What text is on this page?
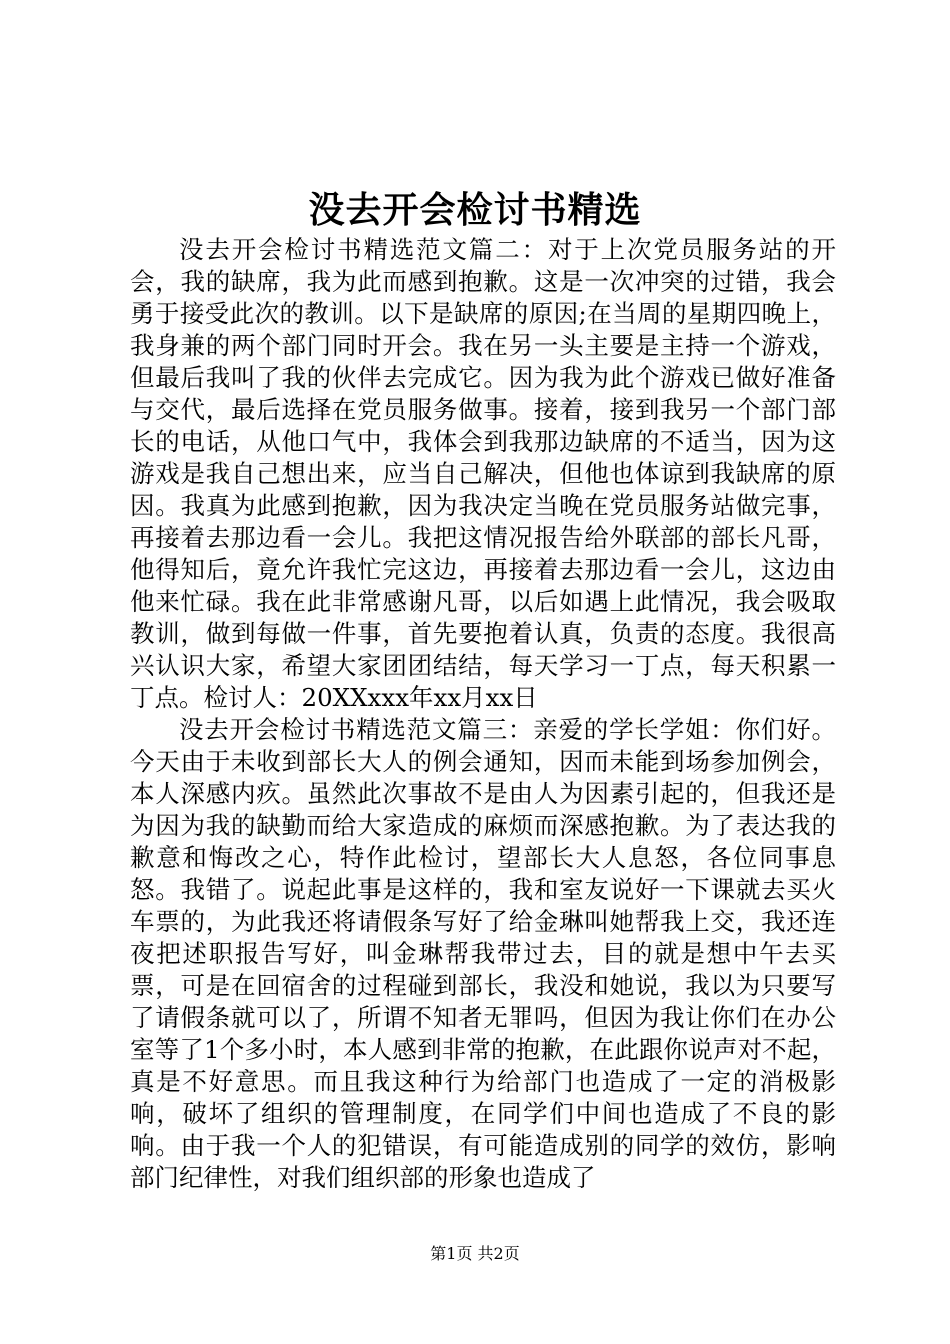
没去开会检讨书精选

没去开会检讨书精选范文篇二：对于上次党员服务站的开会，我的缺席，我为此而感到抱歉。这是一次冲突的过错，我会勇于接受此次的教训。以下是缺席的原因;在当周的星期四晚上，我身兼的两个部门同时开会。我在另一头主要是主持一个游戏，但最后我叫了我的伙伴去完成它。因为我为此个游戏已做好准备与交代，最后选择在党员服务做事。接着，接到我另一个部门部长的电话，从他口气中，我体会到我那边缺席的不适当，因为这游戏是我自己想出来，应当自己解决，但他也体谅到我缺席的原因。我真为此感到抱歉，因为我决定当晚在党员服务站做完事，再接着去那边看一会儿。我把这情况报告给外联部的部长凡哥，他得知后，竟允许我忙完这边，再接着去那边看一会儿，这边由他来忙碌。我在此非常感谢凡哥，以后如遇上此情况，我会吸取教训，做到每做一件事，首先要抱着认真，负责的态度。我很高兴认识大家，希望大家团团结结，每天学习一丁点，每天积累一丁点。检讨人：20XXxxx年xx月xx日

没去开会检讨书精选范文篇三：亲爱的学长学姐：你们好。今天由于未收到部长大人的例会通知，因而未能到场参加例会，本人深感内疚。虽然此次事故不是由人为因素引起的，但我还是为因为我的缺勤而给大家造成的麻烦而深感抱歉。为了表达我的歉意和悔改之心，特作此检讨，望部长大人息怒，各位同事息怒。我错了。说起此事是这样的，我和室友说好一下课就去买火车票的，为此我还将请假条写好了给金琳叫她帮我上交，我还连夜把述职报告写好，叫金琳帮我带过去，目的就是想中午去买票，可是在回宿舍的过程碰到部长，我没和她说，我以为只要写了请假条就可以了，所谓不知者无罪吗，但因为我让你们在办公室等了1个多小时，本人感到非常的抱歉，在此跟你说声对不起，真是不好意思。而且我这种行为给部门也造成了一定的消极影响，破坏了组织的管理制度，在同学们中间也造成了不良的影响。由于我一个人的犯错误，有可能造成别的同学的效仿，影响部门纪律性，对我们组织部的形象也造成了

第1页 共2页
